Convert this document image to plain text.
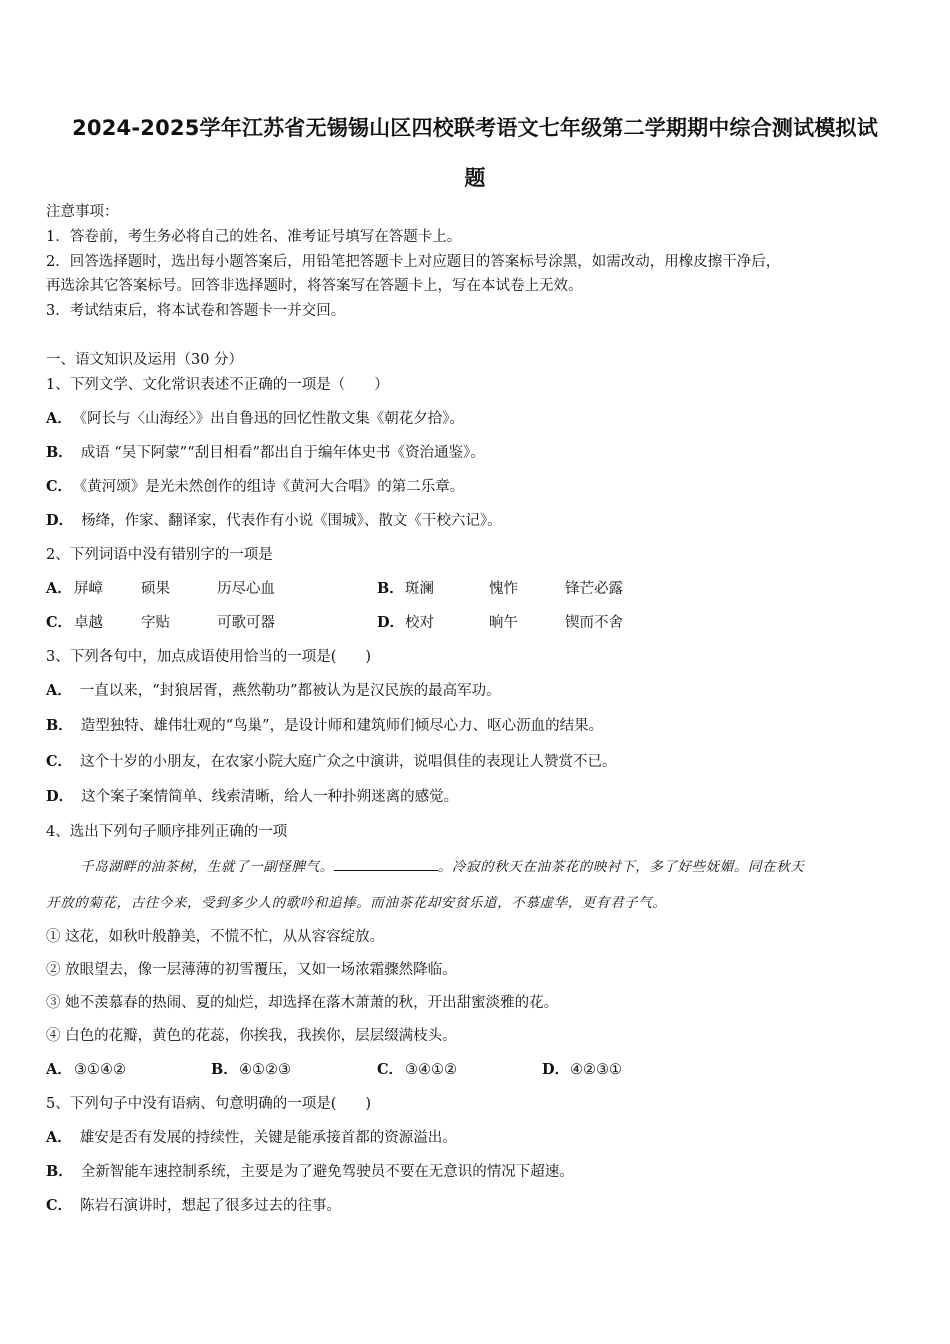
2024-2025学年江苏省无锡锡山区四校联考语文七年级第二学期期中综合测试模拟试
题
注意事项：
1．答卷前，考生务必将自己的姓名、准考证号填写在答题卡上。
2．回答选择题时，选出每小题答案后，用铅笔把答题卡上对应题目的答案标号涂黑，如需改动，用橡皮擦干净后，
再选涂其它答案标号。回答非选择题时，将答案写在答题卡上，写在本试卷上无效。
3．考试结束后，将本试卷和答题卡一并交回。
一、语文知识及运用（30 分）
1、下列文学、文化常识表述不正确的一项是（　　）
A． 《阿长与〈山海经〉》出自鲁迅的回忆性散文集《朝花夕拾》。
B． 成语 “吴下阿蒙”“刮目相看”都出自于编年体史书《资治通鉴》。
C． 《黄河颂》是光未然创作的组诗《黄河大合唱》的第二乐章。
D． 杨绛，作家、翻译家，代表作有小说《围城》、散文《干校六记》。
2、下列词语中没有错别字的一项是
A． 屏嶂	硕果	历尽心血	B． 斑澜	愧怍	锋芒必露
C． 卓越	字贴	可歌可器	D． 校对	晌午	锲而不舍
3、下列各句中，加点成语使用恰当的一项是(　　)
A． 一直以来，“封狼居胥，燕然勒功”都被认为是汉民族的最高军功。
B． 造型独特、雄伟壮观的“鸟巢”，是设计师和建筑师们倾尽心力、呕心沥血的结果。
C． 这个十岁的小朋友，在农家小院大庭广众之中演讲，说唱俱佳的表现让人赞赏不已。
D． 这个案子案情简单、线索清晰，给人一种扑朔迷离的感觉。
4、选出下列句子顺序排列正确的一项
千岛湖畔的油茶树，生就了一副怪脾气。	。冷寂的秋天在油茶花的映衬下，多了好些妩媚。同在秋天
开放的菊花，古往今来，受到多少人的歌吟和追捧。而油茶花却安贫乐道，不慕虚华，更有君子气。
① 这花，如秋叶般静美，不慌不忙，从从容容绽放。
② 放眼望去，像一层薄薄的初雪覆压，又如一场浓霜骤然降临。
③ 她不羡慕春的热闹、夏的灿烂，却选择在落木萧萧的秋，开出甜蜜淡雅的花。
④ 白色的花瓣，黄色的花蕊，你挨我，我挨你，层层缀满枝头。
A． ③①④②	B． ④①②③	C． ③④①②	D． ④②③①
5、下列句子中没有语病、句意明确的一项是(　　)
A． 雄安是否有发展的持续性，关键是能承接首都的资源溢出。
B． 全新智能车速控制系统，主要是为了避免驾驶员不要在无意识的情况下超速。
C． 陈岩石演讲时，想起了很多过去的往事。
